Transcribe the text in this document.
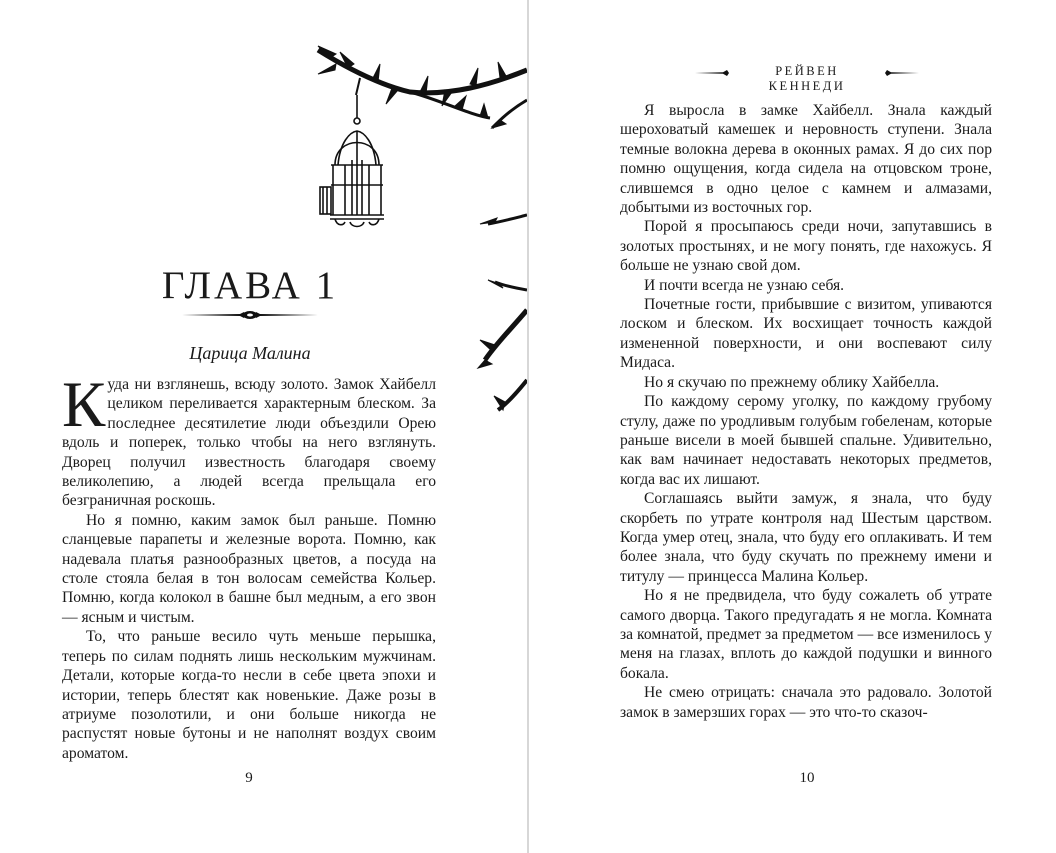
ГЛАВА 1
Царица Малина

Куда ни взглянешь, всюду золото. Замок Хайбелл целиком переливается характерным блеском. За последнее десятилетие люди объездили Орею вдоль и поперек, только чтобы на него взглянуть. Дворец получил известность благодаря своему великолепию, а людей всегда прельщала его безграничная роскошь.

Но я помню, каким замок был раньше. Помню сланцевые парапеты и железные ворота. Помню, как надевала платья разнообразных цветов, а посуда на столе стояла белая в тон волосам семейства Кольер. Помню, когда колокол в башне был медным, а его звон — ясным и чистым.

То, что раньше весило чуть меньше перышка, теперь по силам поднять лишь нескольким мужчинам. Детали, которые когда-то несли в себе цвета эпохи и истории, теперь блестят как новенькие. Даже розы в атриуме позолотили, и они больше никогда не распустят новые бутоны и не наполнят воздух своим ароматом.

9
РЕЙВЕН КЕННЕДИ

Я выросла в замке Хайбелл. Знала каждый шероховатый камешек и неровность ступени. Знала темные волокна дерева в оконных рамах. Я до сих пор помню ощущения, когда сидела на отцовском троне, слившемся в одно целое с камнем и алмазами, добытыми из восточных гор.

Порой я просыпаюсь среди ночи, запутавшись в золотых простынях, и не могу понять, где нахожусь. Я больше не узнаю свой дом.

И почти всегда не узнаю себя.

Почетные гости, прибывшие с визитом, упиваются лоском и блеском. Их восхищает точность каждой измененной поверхности, и они воспевают силу Мидаса.

Но я скучаю по прежнему облику Хайбелла.

По каждому серому уголку, по каждому грубому стулу, даже по уродливым голубым гобеленам, которые раньше висели в моей бывшей спальне. Удивительно, как вам начинает недоставать некоторых предметов, когда вас их лишают.

Соглашаясь выйти замуж, я знала, что буду скорбеть по утрате контроля над Шестым царством. Когда умер отец, знала, что буду его оплакивать. И тем более знала, что буду скучать по прежнему имени и титулу — принцесса Малина Кольер.

Но я не предвидела, что буду сожалеть об утрате самого дворца. Такого предугадать я не могла. Комната за комнатой, предмет за предметом — все изменилось у меня на глазах, вплоть до каждой подушки и винного бокала.

Не смею отрицать: сначала это радовало. Золотой замок в замерзших горах — это что-то сказоч-

10
